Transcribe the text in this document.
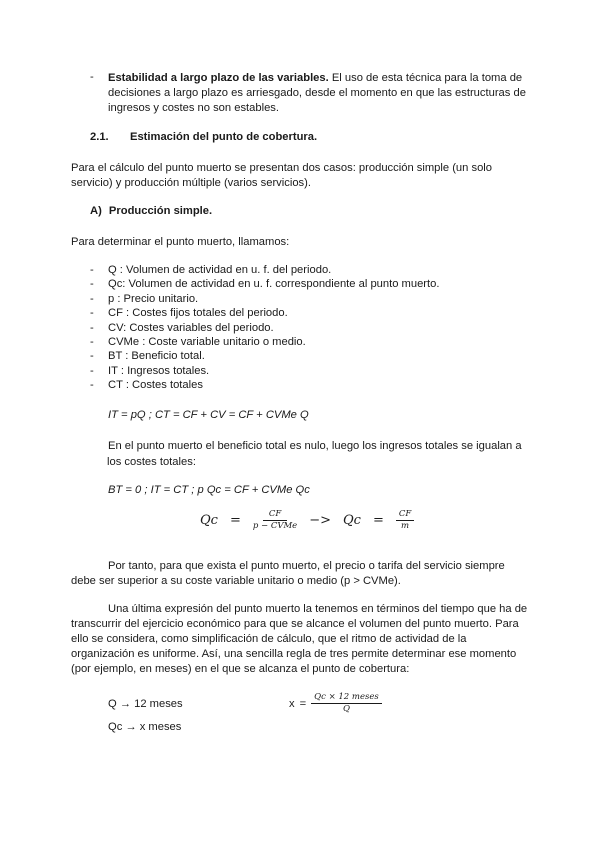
- Estabilidad a largo plazo de las variables. El uso de esta técnica para la toma de
decisiones a largo plazo es arriesgado, desde el momento en que las estructuras de
ingresos y costes no son estables.
2.1. Estimación del punto de cobertura.
Para el cálculo del punto muerto se presentan dos casos: producción simple (un solo
servicio) y producción múltiple (varios servicios).
A) Producción simple.
Para determinar el punto muerto, llamamos:
- Q : Volumen de actividad en u. f. del periodo.
- Qc: Volumen de actividad en u. f. correspondiente al punto muerto.
- p : Precio unitario.
- CF : Costes fijos totales del periodo.
- CV: Costes variables del periodo.
- CVMe : Coste variable unitario o medio.
- BT : Beneficio total.
- IT : Ingresos totales.
- CT : Costes totales
IT = pQ ; CT = CF + CV = CF + CVMe Q
En el punto muerto el beneficio total es nulo, luego los ingresos totales se igualan a
los costes totales:
BT = 0 ; IT = CT ; p Qc = CF + CVMe Qc
$Qc = \frac{CF}{\text{p − CVMe}} -> Qc = \frac{CF}{m}$
Por tanto, para que exista el punto muerto, el precio o tarifa del servicio siempre
debe ser superior a su coste variable unitario o medio (p > CVMe).
Una última expresión del punto muerto la tenemos en términos del tiempo que ha de
transcurrir del ejercicio económico para que se alcance el volumen del punto muerto. Para
ello se considera, como simplificación de cálculo, que el ritmo de actividad de la
organización es uniforme. Así, una sencilla regla de tres permite determinar ese momento
(por ejemplo, en meses) en el que se alcanza el punto de cobertura:
Q → 12 meses
Qc → x meses
$x = \frac{\text{Qc × 12 meses}}{Q}$
